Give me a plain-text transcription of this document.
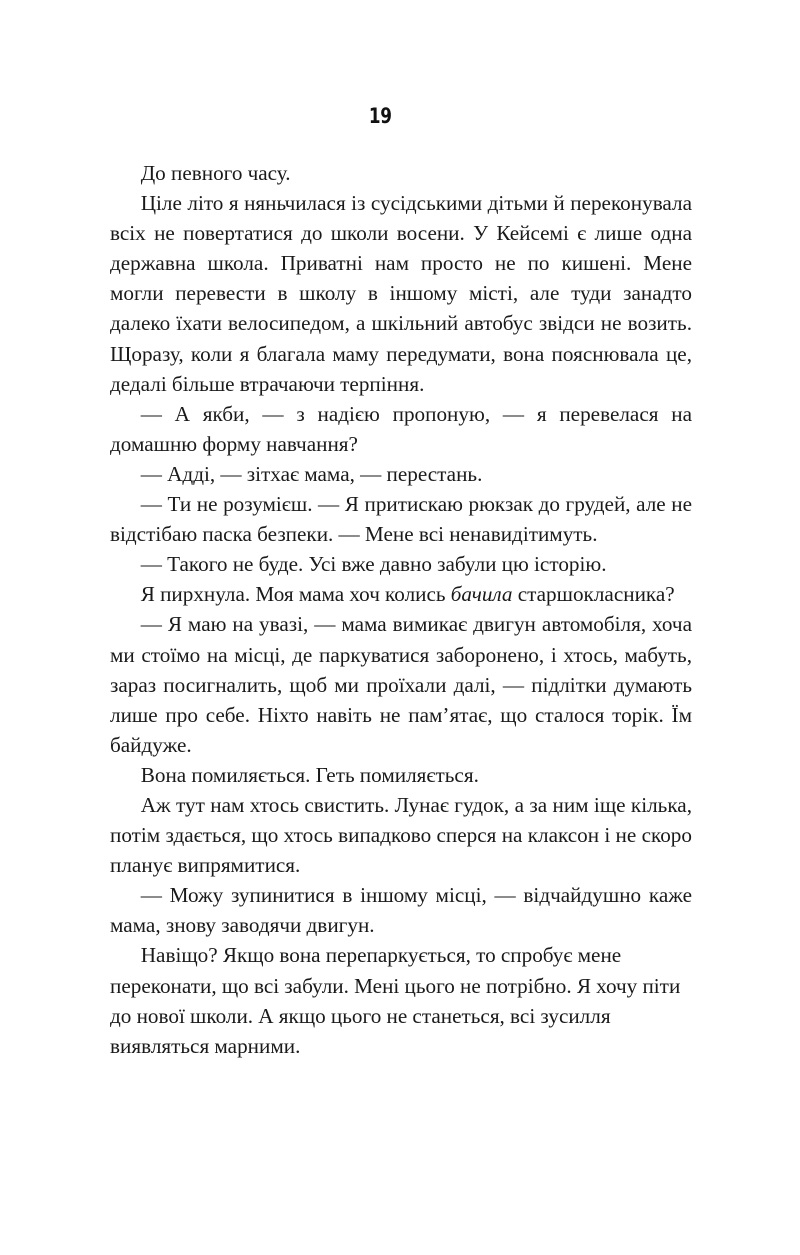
19

До певного часу.

Ціле літо я няньчилася із сусідськими дітьми й переконувала всіх не повертатися до школи восени. У Кейсемі є лише одна державна школа. Приватні нам просто не по кишені. Мене могли перевести в школу в іншому місті, але туди занадто далеко їхати велосипедом, а шкільний автобус звідси не возить. Щоразу, коли я благала маму передумати, вона пояснювала це, дедалі більше втрачаючи терпіння.

— А якби, — з надією пропоную, — я перевелася на домашню форму навчання?

— Адді, — зітхає мама, — перестань.

— Ти не розумієш. — Я притискаю рюкзак до грудей, але не відстібаю паска безпеки. — Мене всі ненавидітимуть.

— Такого не буде. Усі вже давно забули цю історію.

Я пирхнула. Моя мама хоч колись бачила старшокласника?

— Я маю на увазі, — мама вимикає двигун автомобіля, хоча ми стоїмо на місці, де паркуватися заборонено, і хтось, мабуть, зараз посигналить, щоб ми проїхали далі, — підлітки думають лише про себе. Ніхто навіть не пам’ятає, що сталося торік. Їм байдуже.

Вона помиляється. Геть помиляється.

Аж тут нам хтось свистить. Лунає гудок, а за ним іще кілька, потім здається, що хтось випадково сперся на клаксон і не скоро планує випрямитися.

— Можу зупинитися в іншому місці, — відчайдушно каже мама, знову заводячи двигун.

Навіщо? Якщо вона перепаркується, то спробує мене переконати, що всі забули. Мені цього не потрібно. Я хочу піти до нової школи. А якщо цього не станеться, всі зусилля виявляться марними.
